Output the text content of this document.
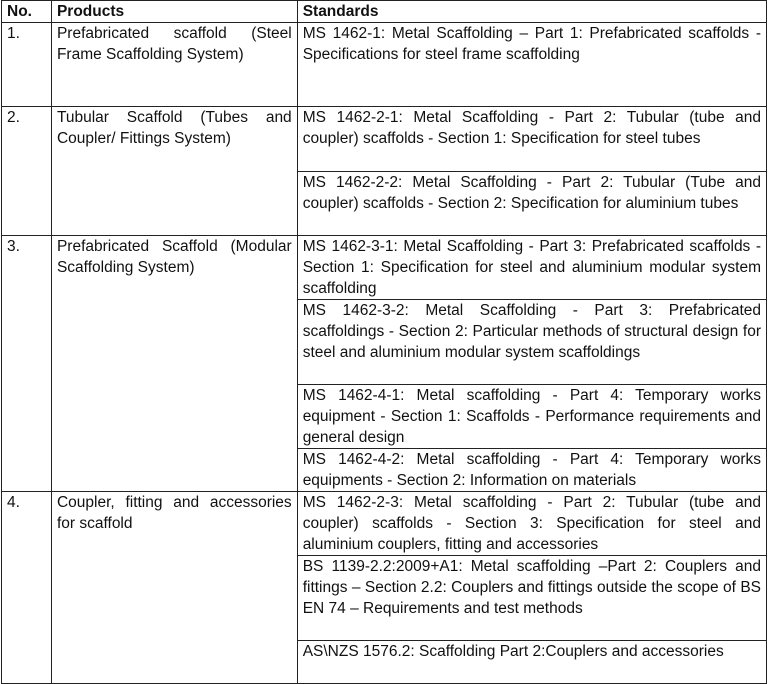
No.	Products	Standards
1.	Prefabricated scaffold (Steel Frame Scaffolding System)	MS 1462-1: Metal Scaffolding – Part 1: Prefabricated scaffolds - Specifications for steel frame scaffolding
2.	Tubular Scaffold (Tubes and Coupler/ Fittings System)	MS 1462-2-1: Metal Scaffolding - Part 2: Tubular (tube and coupler) scaffolds - Section 1: Specification for steel tubes
		MS 1462-2-2: Metal Scaffolding - Part 2: Tubular (Tube and coupler) scaffolds - Section 2: Specification for aluminium tubes
3.	Prefabricated Scaffold (Modular Scaffolding System)	MS 1462-3-1: Metal Scaffolding - Part 3: Prefabricated scaffolds - Section 1: Specification for steel and aluminium modular system scaffolding
		MS 1462-3-2: Metal Scaffolding - Part 3: Prefabricated scaffoldings - Section 2: Particular methods of structural design for steel and aluminium modular system scaffoldings
		MS 1462-4-1: Metal scaffolding - Part 4: Temporary works equipment - Section 1: Scaffolds - Performance requirements and general design
		MS 1462-4-2: Metal scaffolding - Part 4: Temporary works equipments - Section 2: Information on materials
4.	Coupler, fitting and accessories for scaffold	MS 1462-2-3: Metal scaffolding - Part 2: Tubular (tube and coupler) scaffolds - Section 3: Specification for steel and aluminium couplers, fitting and accessories
		BS 1139-2.2:2009+A1: Metal scaffolding –Part 2: Couplers and fittings – Section 2.2: Couplers and fittings outside the scope of BS EN 74 – Requirements and test methods
		AS\NZS 1576.2: Scaffolding Part 2:Couplers and accessories
